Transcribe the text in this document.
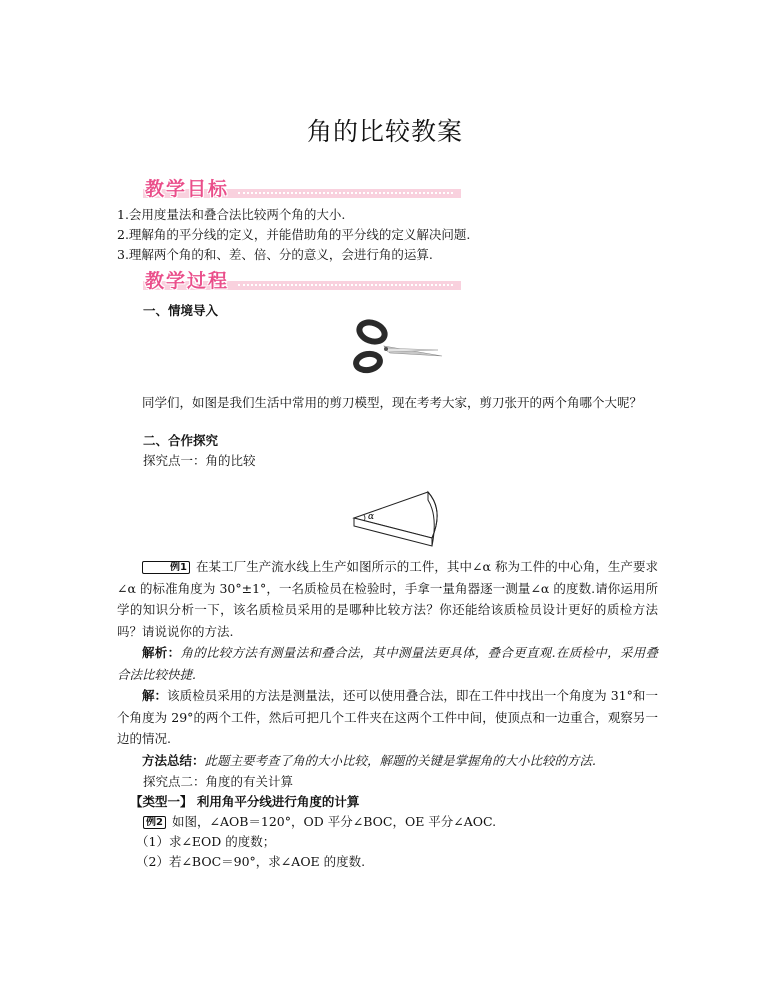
角的比较教案
教学目标
1.会用度量法和叠合法比较两个角的大小.
2.理解角的平分线的定义，并能借助角的平分线的定义解决问题.
3.理解两个角的和、差、倍、分的意义，会进行角的运算.
教学过程
一、情境导入
同学们，如图是我们生活中常用的剪刀模型，现在考考大家，剪刀张开的两个角哪个大呢？
二、合作探究
探究点一：角的比较
α
例1 在某工厂生产流水线上生产如图所示的工件，其中∠α 称为工件的中心角，生产要求∠α 的标准角度为 30°±1°，一名质检员在检验时，手拿一量角器逐一测量∠α 的度数.请你运用所学的知识分析一下，该名质检员采用的是哪种比较方法？你还能给该质检员设计更好的质检方法吗？请说说你的方法.
解析：角的比较方法有测量法和叠合法，其中测量法更具体，叠合更直观.在质检中，采用叠合法比较快捷.
解：该质检员采用的方法是测量法，还可以使用叠合法，即在工件中找出一个角度为 31°和一个角度为 29°的两个工件，然后可把几个工件夹在这两个工件中间，使顶点和一边重合，观察另一边的情况.
方法总结：此题主要考查了角的大小比较，解题的关键是掌握角的大小比较的方法.
探究点二：角度的有关计算
【类型一】 利用角平分线进行角度的计算
例2 如图，∠AOB＝120°，OD 平分∠BOC，OE 平分∠AOC.
（1）求∠EOD 的度数；
（2）若∠BOC＝90°，求∠AOE 的度数.
